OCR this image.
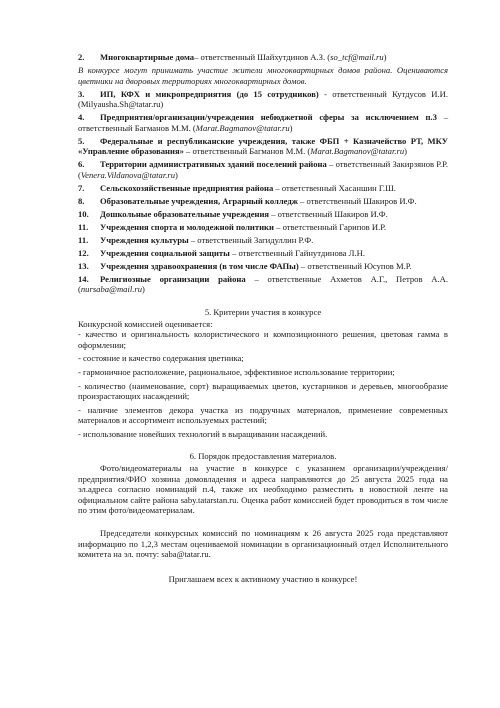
2. Многоквартирные дома– ответственный Шайхутдинов А.З. (so_tcf@mail.ru)

В конкурсе могут принимать участие жители многоквартирных домов района. Оцениваются цветники на дворовых территориях многоквартирных домов.

3. ИП, КФХ и микропредприятия (до 15 сотрудников) - ответственный Кутдусов И.И. (Milyausha.Sh@tatar.ru)

4. Предприятия/организации/учреждения небюджетной сферы за исключением п.3 – ответственный Багманов М.М. (Marat.Bagmanov@tatar.ru)

5. Федеральные и республиканские учреждения, также ФБП + Казначейство РТ, МКУ «Управление образования» – ответственный Багманов М.М. (Marat.Bagmanov@tatar.ru)

6. Территории административных зданий поселений района – ответственный Закирзянов Р.Р. (Venera.Vildanova@tatar.ru)

7. Сельскохозяйственные предприятия района – ответственный Хасаншин Г.Ш.

8. Образовательные учреждения, Аграрный колледж – ответственный Шакиров И.Ф.

10. Дошкольные образовательные учреждения – ответственный Шакиров И.Ф.

11. Учреждения спорта и молодежной политики – ответственный Гарипов И.Р.

11. Учреждения культуры – ответственный Загидуллин Р.Ф.

12. Учреждения социальной защиты – ответственный Гайнутдинова Л.Н.

13. Учреждения здравоохранения (в том числе ФАПы) – ответственный Юсупов М.Р.

14. Религиозные организации района – ответственные Ахметов А.Г., Петров А.А. (nursaba@mail.ru)

5. Критерии участия в конкурсе

Конкурсной комиссией оценивается:

- качество и оригинальность колористического и композиционного решения, цветовая гамма в оформлении;

- состояние и качество содержания цветника;

- гармоничное расположение, рациональное, эффективное использование территории;

- количество (наименование, сорт) выращиваемых цветов, кустарников и деревьев, многообразие произрастающих насаждений;

- наличие элементов декора участка из подручных материалов, применение современных материалов и ассортимент используемых растений;

- использование новейших технологий в выращивании насаждений.

6. Порядок предоставления материалов.

Фото/видеоматериалы на участие в конкурсе с указанием организации/учреждения/предприятия/ФИО хозяина домовладения и адреса направляются до 25 августа 2025 года на эл.адреса согласно номинаций п.4, также их необходимо разместить в новостной ленте на официальном сайте района saby.tatarstan.ru. Оценка работ комиссией будет проводиться в том числе по этим фото/видеоматериалам.

Председатели конкурсных комиссий по номинациям к 26 августа 2025 года представляют информацию по 1,2,3 местам оцениваемой номинации в организационный отдел Исполнительного комитета на эл. почту: saba@tatar.ru.

Приглашаем всех к активному участию в конкурсе!
